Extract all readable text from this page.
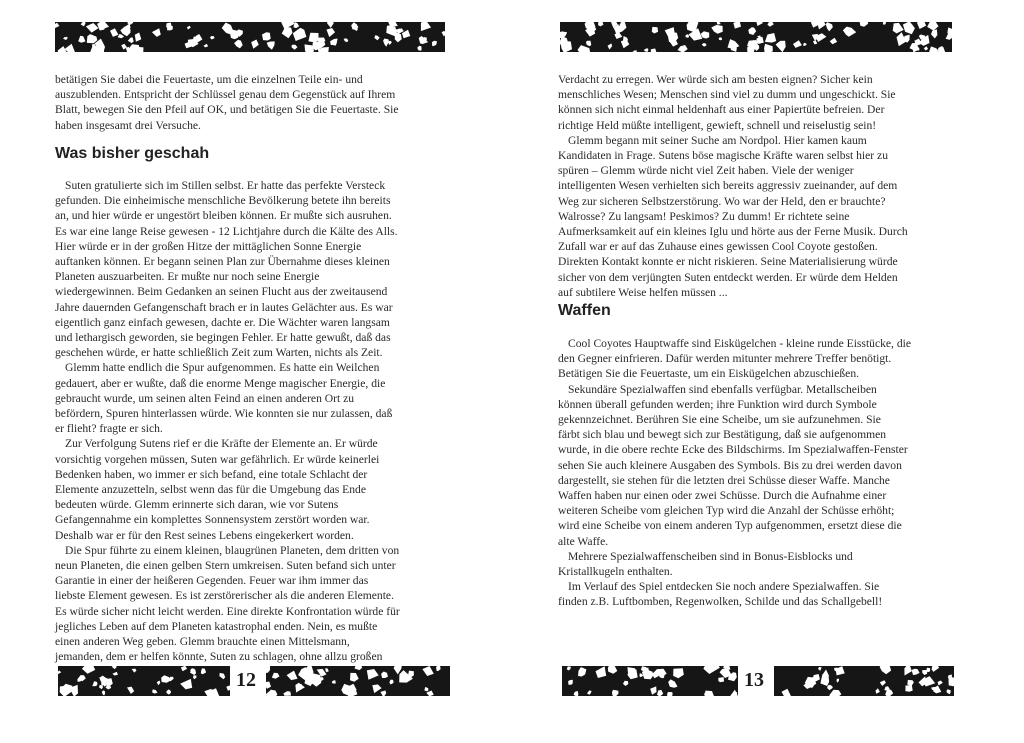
betätigen Sie dabei die Feuertaste, um die einzelnen Teile ein- und

auszublenden. Entspricht der Schlüssel genau dem Gegenstück auf Ihrem

Blatt, bewegen Sie den Pfeil auf OK, und betätigen Sie die Feuertaste. Sie

haben insgesamt drei Versuche.

Was bisher geschah

Suten gratulierte sich im Stillen selbst. Er hatte das perfekte Versteck

gefunden. Die einheimische menschliche Bevölkerung betete ihn bereits

an, und hier würde er ungestört bleiben können. Er mußte sich ausruhen.

Es war eine lange Reise gewesen - 12 Lichtjahre durch die Kälte des Alls.

Hier würde er in der großen Hitze der mittäglichen Sonne Energie

auftanken können. Er begann seinen Plan zur Übernahme dieses kleinen

Planeten auszuarbeiten. Er mußte nur noch seine Energie

wiedergewinnen. Beim Gedanken an seinen Flucht aus der zweitausend

Jahre dauernden Gefangenschaft brach er in lautes Gelächter aus. Es war

eigentlich ganz einfach gewesen, dachte er. Die Wächter waren langsam

und lethargisch geworden, sie begingen Fehler. Er hatte gewußt, daß das

geschehen würde, er hatte schließlich Zeit zum Warten, nichts als Zeit.

Glemm hatte endlich die Spur aufgenommen. Es hatte ein Weilchen

gedauert, aber er wußte, daß die enorme Menge magischer Energie, die

gebraucht wurde, um seinen alten Feind an einen anderen Ort zu

befördern, Spuren hinterlassen würde. Wie konnten sie nur zulassen, daß

er flieht? fragte er sich.

Zur Verfolgung Sutens rief er die Kräfte der Elemente an. Er würde

vorsichtig vorgehen müssen, Suten war gefährlich. Er würde keinerlei

Bedenken haben, wo immer er sich befand, eine totale Schlacht der

Elemente anzuzetteln, selbst wenn das für die Umgebung das Ende

bedeuten würde. Glemm erinnerte sich daran, wie vor Sutens

Gefangennahme ein komplettes Sonnensystem zerstört worden war.

Deshalb war er für den Rest seines Lebens eingekerkert worden.

Die Spur führte zu einem kleinen, blaugrünen Planeten, dem dritten von

neun Planeten, die einen gelben Stern umkreisen. Suten befand sich unter

Garantie in einer der heißeren Gegenden. Feuer war ihm immer das

liebste Element gewesen. Es ist zerstörerischer als die anderen Elemente.

Es würde sicher nicht leicht werden. Eine direkte Konfrontation würde für

jegliches Leben auf dem Planeten katastrophal enden. Nein, es mußte

einen anderen Weg geben. Glemm brauchte einen Mittelsmann,

jemanden, dem er helfen könnte, Suten zu schlagen, ohne allzu großen

12

Verdacht zu erregen. Wer würde sich am besten eignen? Sicher kein

menschliches Wesen; Menschen sind viel zu dumm und ungeschickt. Sie

können sich nicht einmal heldenhaft aus einer Papiertüte befreien. Der

richtige Held müßte intelligent, gewieft, schnell und reiselustig sein!

Glemm begann mit seiner Suche am Nordpol. Hier kamen kaum

Kandidaten in Frage. Sutens böse magische Kräfte waren selbst hier zu

spüren – Glemm würde nicht viel Zeit haben. Viele der weniger

intelligenten Wesen verhielten sich bereits aggressiv zueinander, auf dem

Weg zur sicheren Selbstzerstörung. Wo war der Held, den er brauchte?

Walrosse? Zu langsam! Peskimos? Zu dumm! Er richtete seine

Aufmerksamkeit auf ein kleines Iglu und hörte aus der Ferne Musik. Durch

Zufall war er auf das Zuhause eines gewissen Cool Coyote gestoßen.

Direkten Kontakt konnte er nicht riskieren. Seine Materialisierung würde

sicher von dem verjüngten Suten entdeckt werden. Er würde dem Helden

auf subtilere Weise helfen müssen ...

Waffen

Cool Coyotes Hauptwaffe sind Eiskügelchen - kleine runde Eisstücke, die

den Gegner einfrieren. Dafür werden mitunter mehrere Treffer benötigt.

Betätigen Sie die Feuertaste, um ein Eiskügelchen abzuschießen.

Sekundäre Spezialwaffen sind ebenfalls verfügbar. Metallscheiben

können überall gefunden werden; ihre Funktion wird durch Symbole

gekennzeichnet. Berühren Sie eine Scheibe, um sie aufzunehmen. Sie

färbt sich blau und bewegt sich zur Bestätigung, daß sie aufgenommen

wurde, in die obere rechte Ecke des Bildschirms. Im Spezialwaffen-Fenster

sehen Sie auch kleinere Ausgaben des Symbols. Bis zu drei werden davon

dargestellt, sie stehen für die letzten drei Schüsse dieser Waffe. Manche

Waffen haben nur einen oder zwei Schüsse. Durch die Aufnahme einer

weiteren Scheibe vom gleichen Typ wird die Anzahl der Schüsse erhöht;

wird eine Scheibe von einem anderen Typ aufgenommen, ersetzt diese die

alte Waffe.

Mehrere Spezialwaffenscheiben sind in Bonus-Eisblocks und

Kristallkugeln enthalten.

Im Verlauf des Spiel entdecken Sie noch andere Spezialwaffen. Sie

finden z.B. Luftbomben, Regenwolken, Schilde und das Schallgebell!

13
